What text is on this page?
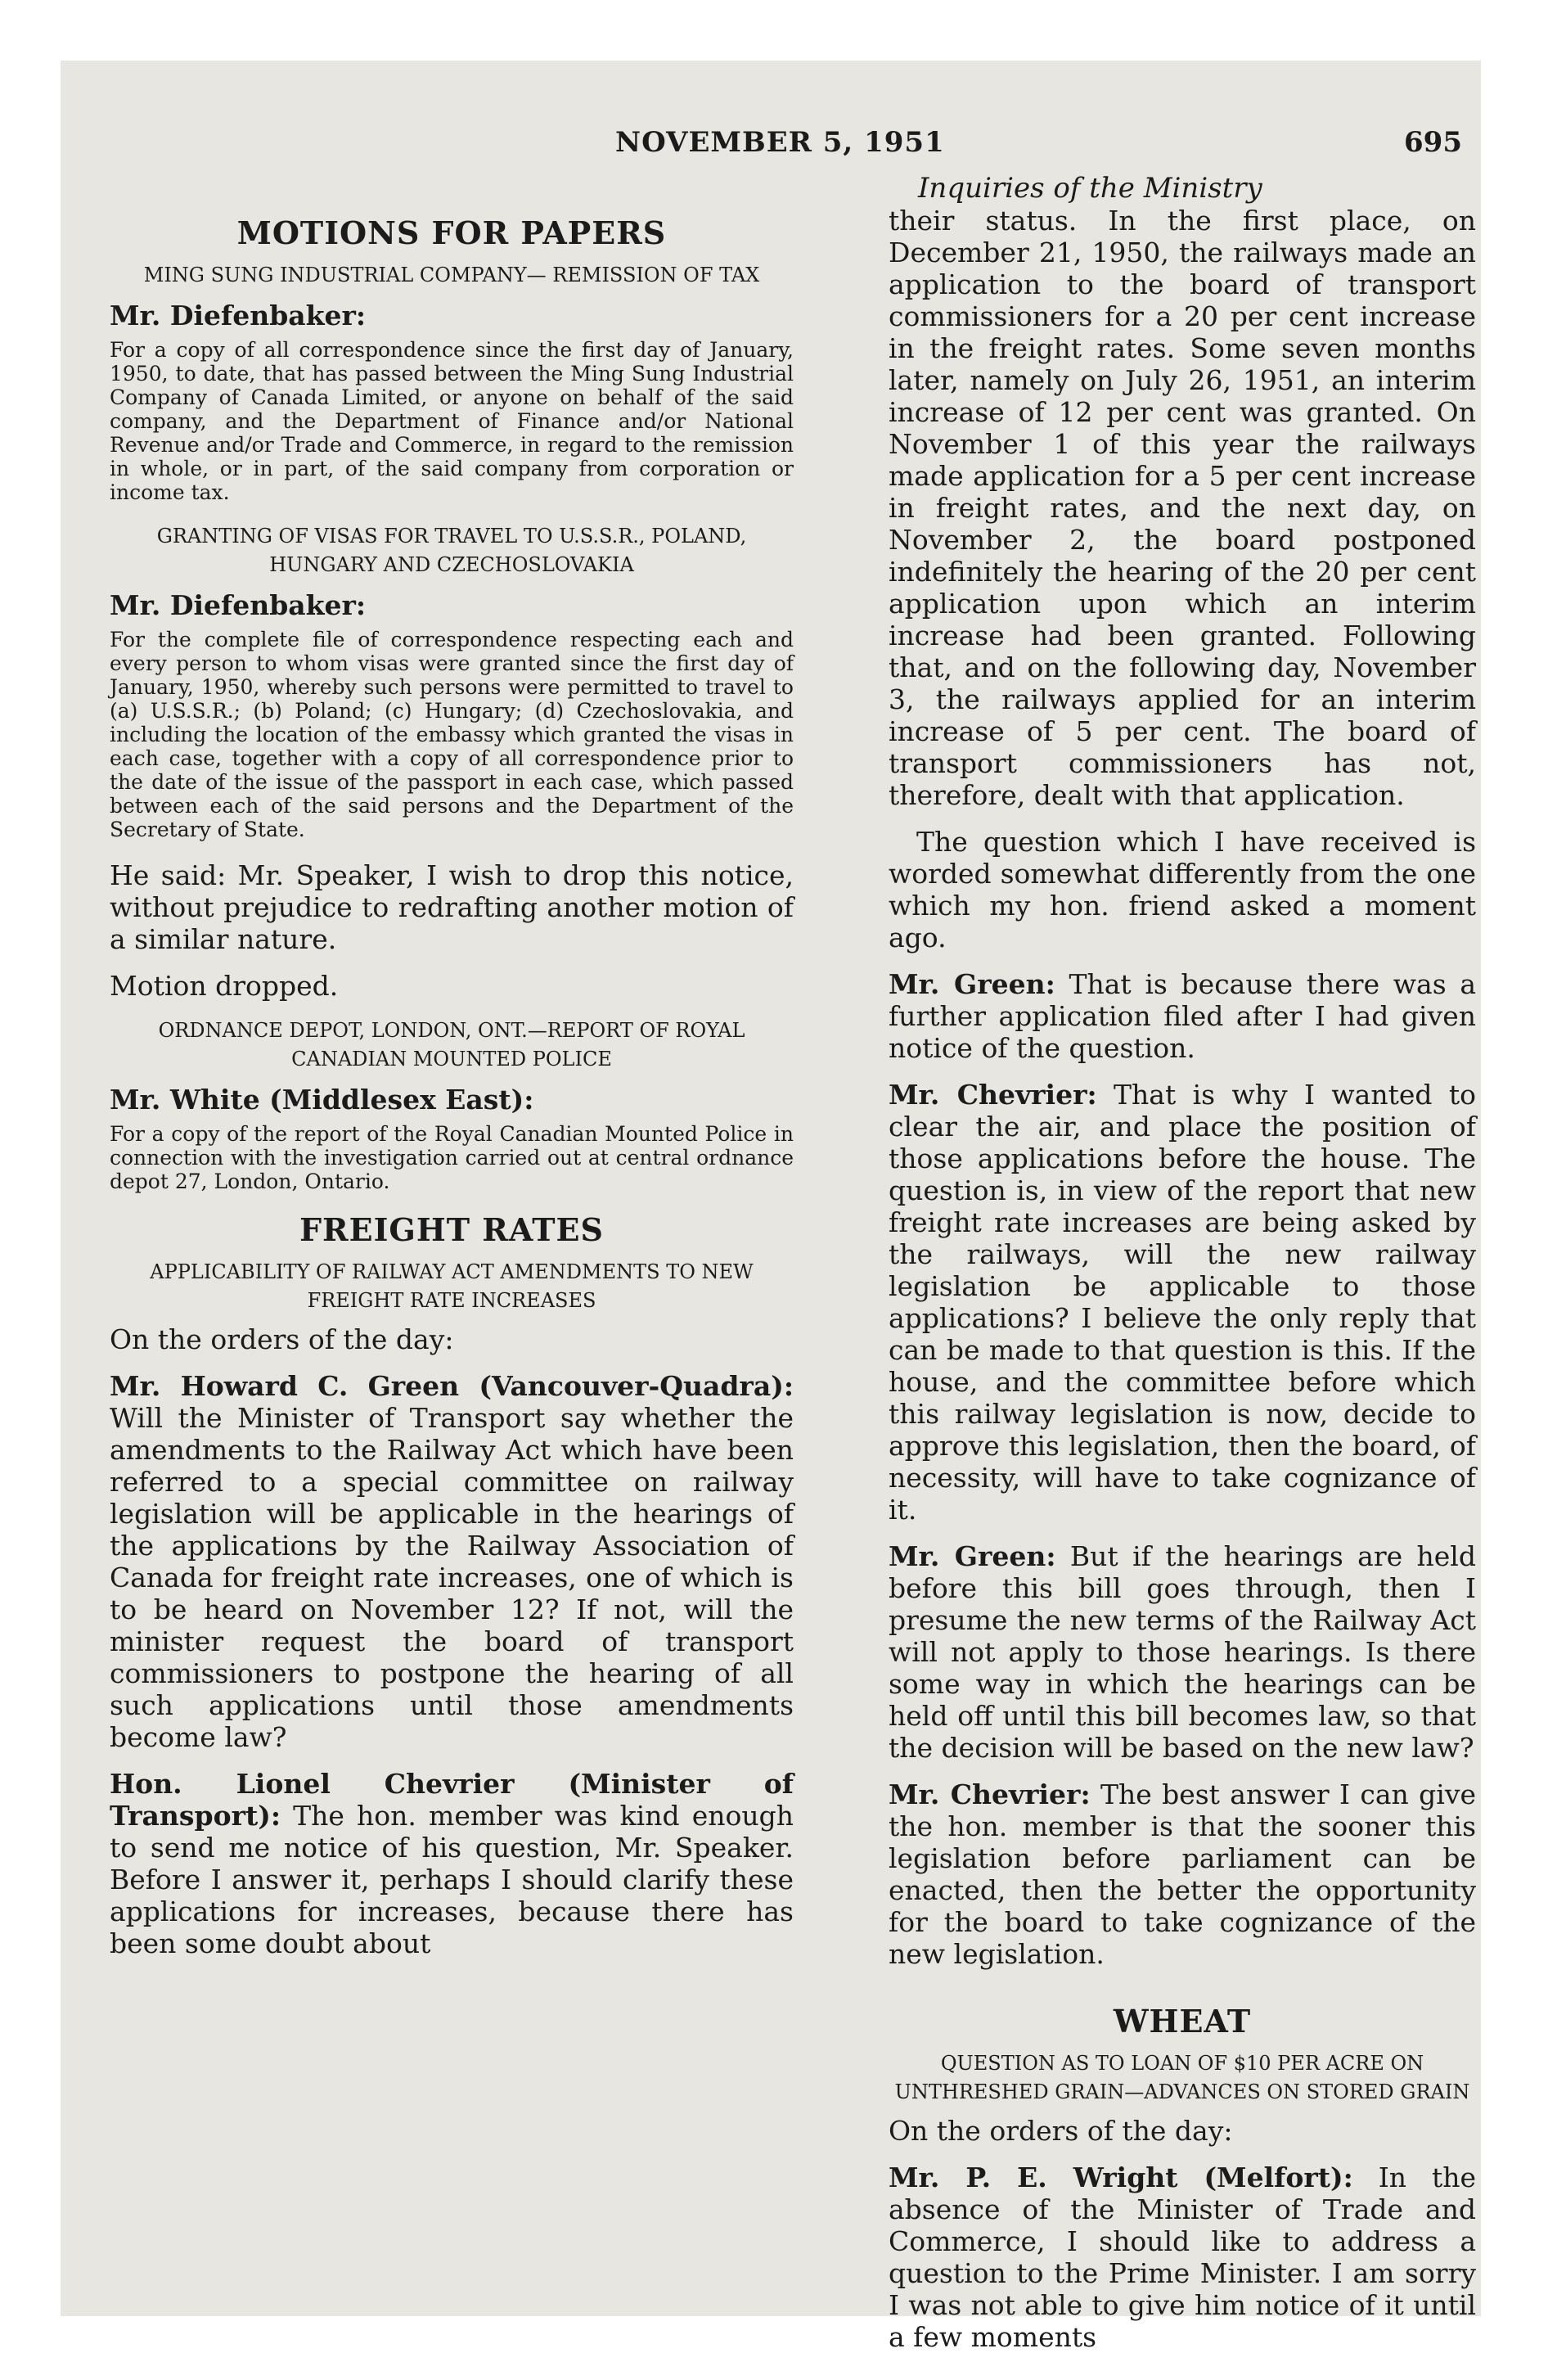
NOVEMBER 5, 1951	695
Inquiries of the Ministry
MOTIONS FOR PAPERS
MING SUNG INDUSTRIAL COMPANY— REMISSION OF TAX
Mr. Diefenbaker:

For a copy of all correspondence since the first day of January, 1950, to date, that has passed between the Ming Sung Industrial Company of Canada Limited, or anyone on behalf of the said company, and the Department of Finance and/or National Revenue and/or Trade and Commerce, in regard to the remission in whole, or in part, of the said company from corporation or income tax.

GRANTING OF VISAS FOR TRAVEL TO U.S.S.R., POLAND, HUNGARY AND CZECHOSLOVAKIA
Mr. Diefenbaker:

For the complete file of correspondence respecting each and every person to whom visas were granted since the first day of January, 1950, whereby such persons were permitted to travel to (a) U.S.S.R.; (b) Poland; (c) Hungary; (d) Czechoslovakia, and including the location of the embassy which granted the visas in each case, together with a copy of all correspondence prior to the date of the issue of the passport in each case, which passed between each of the said persons and the Department of the Secretary of State.

He said: Mr. Speaker, I wish to drop this notice, without prejudice to redrafting another motion of a similar nature.

Motion dropped.

ORDNANCE DEPOT, LONDON, ONT.—REPORT OF ROYAL CANADIAN MOUNTED POLICE
Mr. White (Middlesex East):

For a copy of the report of the Royal Canadian Mounted Police in connection with the investigation carried out at central ordnance depot 27, London, Ontario.

FREIGHT RATES
APPLICABILITY OF RAILWAY ACT AMENDMENTS TO NEW FREIGHT RATE INCREASES

On the orders of the day:

Mr. Howard C. Green (Vancouver-Quadra): Will the Minister of Transport say whether the amendments to the Railway Act which have been referred to a special committee on railway legislation will be applicable in the hearings of the applications by the Railway Association of Canada for freight rate increases, one of which is to be heard on November 12? If not, will the minister request the board of transport commissioners to postpone the hearing of all such applications until those amendments become law?

Hon. Lionel Chevrier (Minister of Transport): The hon. member was kind enough to send me notice of his question, Mr. Speaker. Before I answer it, perhaps I should clarify these applications for increases, because there has been some doubt about

their status. In the first place, on December 21, 1950, the railways made an application to the board of transport commissioners for a 20 per cent increase in the freight rates. Some seven months later, namely on July 26, 1951, an interim increase of 12 per cent was granted. On November 1 of this year the railways made application for a 5 per cent increase in freight rates, and the next day, on November 2, the board postponed indefinitely the hearing of the 20 per cent application upon which an interim increase had been granted. Following that, and on the following day, November 3, the railways applied for an interim increase of 5 per cent. The board of transport commissioners has not, therefore, dealt with that application.

The question which I have received is worded somewhat differently from the one which my hon. friend asked a moment ago.

Mr. Green: That is because there was a further application filed after I had given notice of the question.

Mr. Chevrier: That is why I wanted to clear the air, and place the position of those applications before the house. The question is, in view of the report that new freight rate increases are being asked by the railways, will the new railway legislation be applicable to those applications? I believe the only reply that can be made to that question is this. If the house, and the committee before which this railway legislation is now, decide to approve this legislation, then the board, of necessity, will have to take cognizance of it.

Mr. Green: But if the hearings are held before this bill goes through, then I presume the new terms of the Railway Act will not apply to those hearings. Is there some way in which the hearings can be held off until this bill becomes law, so that the decision will be based on the new law?

Mr. Chevrier: The best answer I can give the hon. member is that the sooner this legislation before parliament can be enacted, then the better the opportunity for the board to take cognizance of the new legislation.

WHEAT
QUESTION AS TO LOAN OF $10 PER ACRE ON UNTHRESHED GRAIN—ADVANCES ON STORED GRAIN

On the orders of the day:

Mr. P. E. Wright (Melfort): In the absence of the Minister of Trade and Commerce, I should like to address a question to the Prime Minister. I am sorry I was not able to give him notice of it until a few moments
